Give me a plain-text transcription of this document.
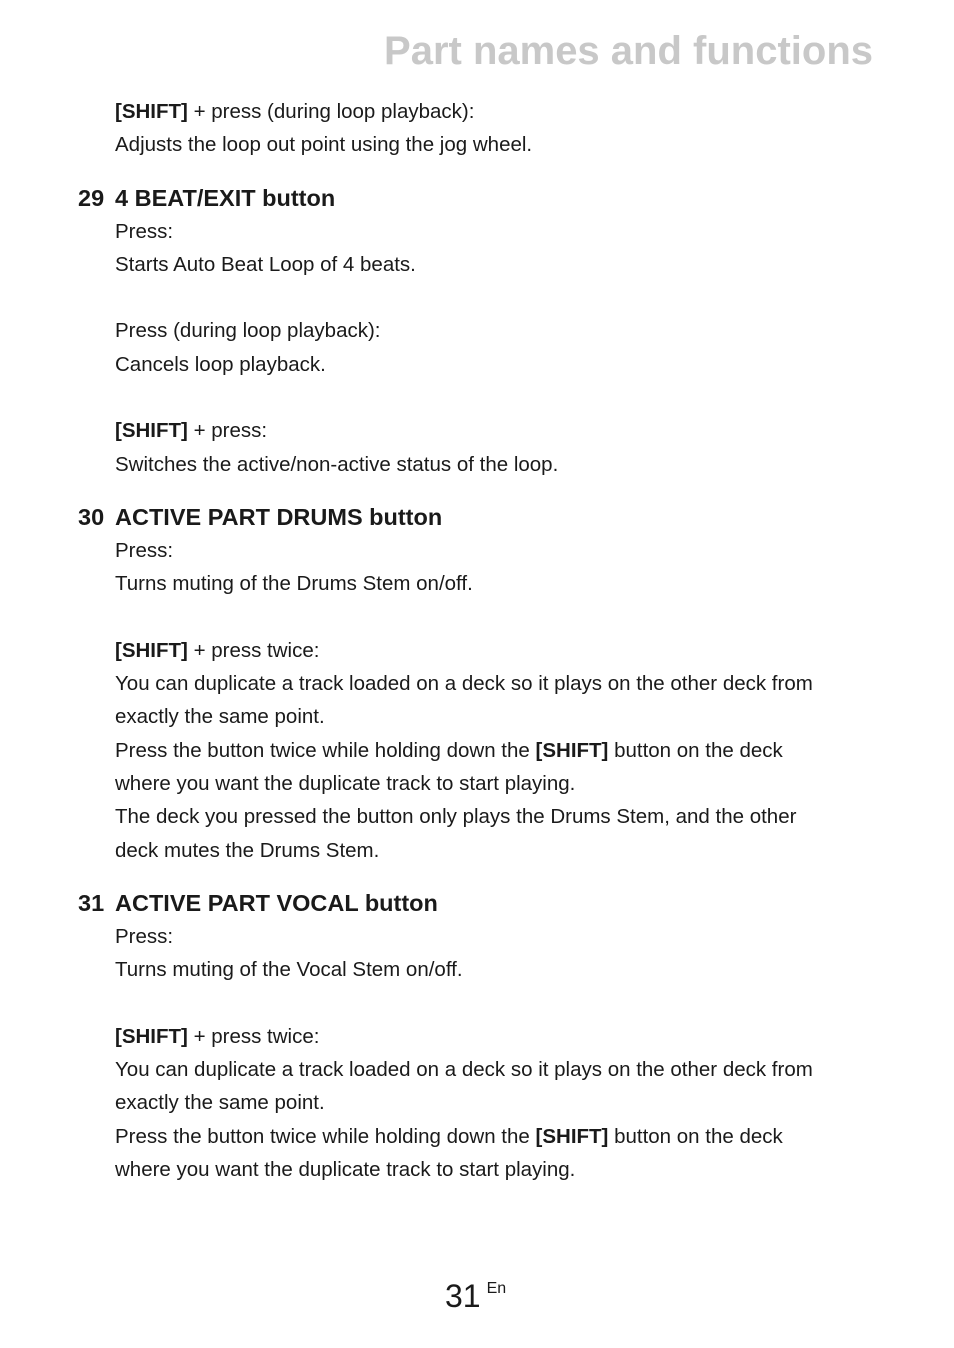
Part names and functions
[SHIFT] + press (during loop playback):
Adjusts the loop out point using the jog wheel.
29 4 BEAT/EXIT button
Press:
Starts Auto Beat Loop of 4 beats.
Press (during loop playback):
Cancels loop playback.
[SHIFT] + press:
Switches the active/non-active status of the loop.
30 ACTIVE PART DRUMS button
Press:
Turns muting of the Drums Stem on/off.
[SHIFT] + press twice:
You can duplicate a track loaded on a deck so it plays on the other deck from
exactly the same point.
Press the button twice while holding down the [SHIFT] button on the deck
where you want the duplicate track to start playing.
The deck you pressed the button only plays the Drums Stem, and the other
deck mutes the Drums Stem.
31 ACTIVE PART VOCAL button
Press:
Turns muting of the Vocal Stem on/off.
[SHIFT] + press twice:
You can duplicate a track loaded on a deck so it plays on the other deck from
exactly the same point.
Press the button twice while holding down the [SHIFT] button on the deck
where you want the duplicate track to start playing.
31 En
